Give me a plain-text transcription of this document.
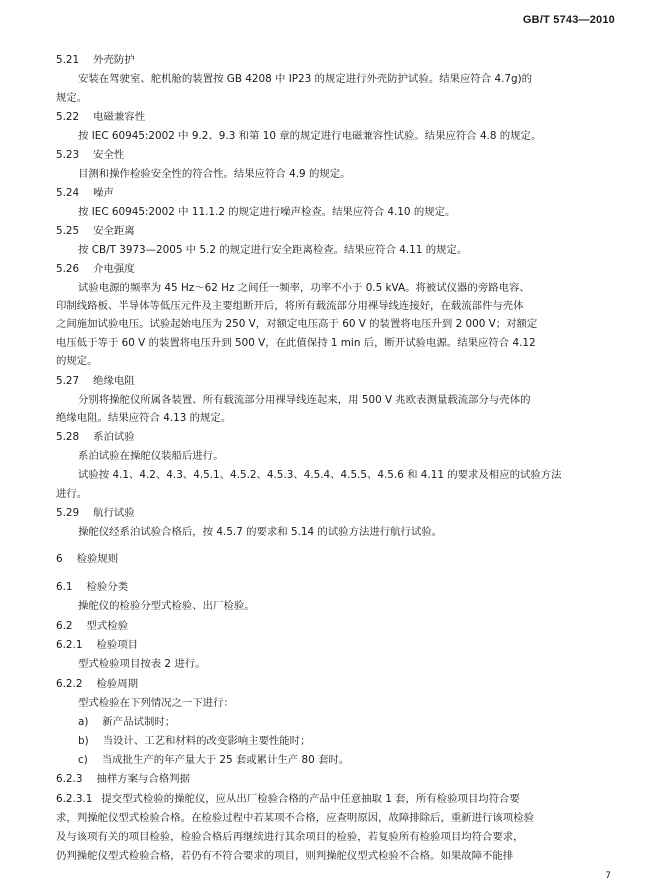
GB/T 5743—2010
5.21 外壳防护
安装在驾驶室、舵机舱的装置按 GB 4208 中 IP23 的规定进行外壳防护试验。结果应符合 4.7g)的
规定。
5.22 电磁兼容性
按 IEC 60945:2002 中 9.2、9.3 和第 10 章的规定进行电磁兼容性试验。结果应符合 4.8 的规定。
5.23 安全性
目测和操作检验安全性的符合性。结果应符合 4.9 的规定。
5.24 噪声
按 IEC 60945:2002 中 11.1.2 的规定进行噪声检查。结果应符合 4.10 的规定。
5.25 安全距离
按 CB/T 3973—2005 中 5.2 的规定进行安全距离检查。结果应符合 4.11 的规定。
5.26 介电强度
试验电源的频率为 45 Hz～62 Hz 之间任一频率，功率不小于 0.5 kVA。将被试仪器的旁路电容、
印制线路板、半导体等低压元件及主要组断开后，将所有载流部分用裸导线连接好，在载流部件与壳体
之间施加试验电压。试验起始电压为 250 V，对额定电压高于 60 V 的装置将电压升到 2 000 V；对额定
电压低于等于 60 V 的装置将电压升到 500 V，在此值保持 1 min 后，断开试验电源。结果应符合 4.12
的规定。
5.27 绝缘电阻
分别将操舵仪所属各装置、所有载流部分用裸导线连起来，用 500 V 兆欧表测量载流部分与壳体的
绝缘电阻。结果应符合 4.13 的规定。
5.28 系泊试验
系泊试验在操舵仪装船后进行。
试验按 4.1、4.2、4.3、4.5.1、4.5.2、4.5.3、4.5.4、4.5.5、4.5.6 和 4.11 的要求及相应的试验方法
进行。
5.29 航行试验
操舵仪经系泊试验合格后，按 4.5.7 的要求和 5.14 的试验方法进行航行试验。
6 检验规则
6.1 检验分类
操舵仪的检验分型式检验、出厂检验。
6.2 型式检验
6.2.1 检验项目
型式检验项目按表 2 进行。
6.2.2 检验周期
型式检验在下列情况之一下进行：
a) 新产品试制时；
b) 当设计、工艺和材料的改变影响主要性能时；
c) 当成批生产的年产量大于 25 套或累计生产 80 套时。
6.2.3 抽样方案与合格判据
6.2.3.1 提交型式检验的操舵仪，应从出厂检验合格的产品中任意抽取 1 套，所有检验项目均符合要
求，判操舵仪型式检验合格。在检验过程中若某项不合格，应查明原因，故障排除后，重新进行该项检验
及与该项有关的项目检验，检验合格后再继续进行其余项目的检验，若复验所有检验项目均符合要求，
仍判操舵仪型式检验合格，若仍有不符合要求的项目，则判操舵仪型式检验不合格。如果故障不能排
7
